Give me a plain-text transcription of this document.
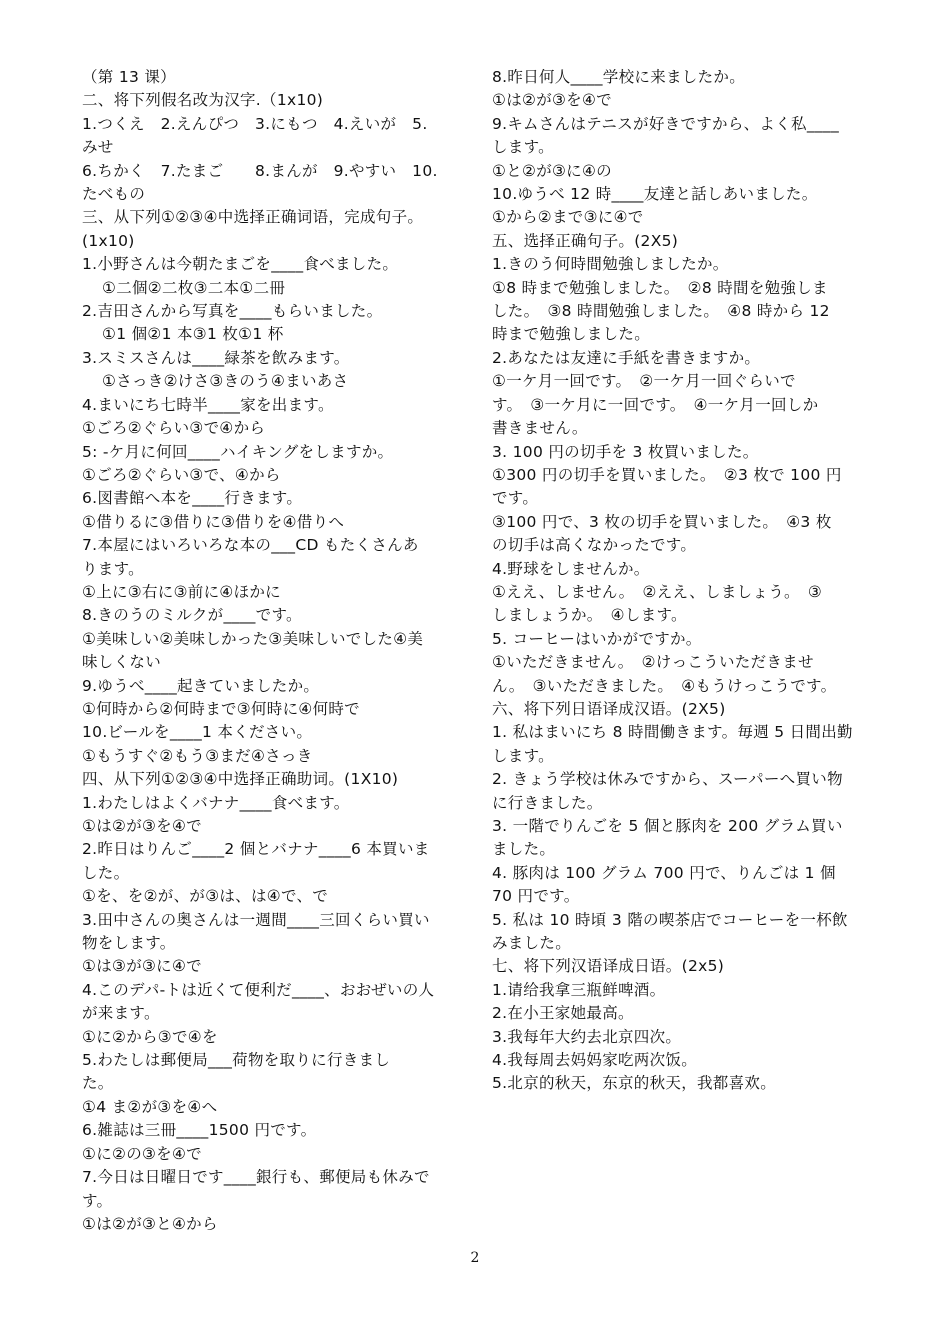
（第 13 课）
二、将下列假名改为汉字.（1x10)
1.つくえ　2.えんぴつ　3.にもつ　4.えいが　5.
みせ
6.ちかく　7.たまご　　8.まんが　9.やすい　10.
たべもの
三、从下列①②③④中选择正确词语，完成句子。
(1x10)
1.小野さんは今朝たまごを____食べました。
①二個②二枚③二本①二冊
2.吉田さんから写真を____もらいました。
①1 個②1 本③1 枚①1 杯
3.スミスさんは____緑茶を飲みます。
①さっき②けさ③きのう④まいあさ
4.まいにち七時半____家を出ます。
①ごろ②ぐらい③で④から
5: -ケ月に何回____ハイキングをしますか。
①ごろ②ぐらい③で、④から
6.図書館へ本を____行きます。
①借りるに③借りに③借りを④借りへ
7.本屋にはいろいろな本の___CD もたくさんあ
ります。
①上に③右に③前に④ほかに
8.きのうのミルクが____です。
①美味しい②美味しかった③美味しいでした④美
味しくない
9.ゆうべ____起きていましたか。
①何時から②何時まで③何時に④何時で
10.ビールを____1 本ください。
①もうすぐ②もう③まだ④さっき
四、从下列①②③④中选择正确助词。(1X10)
1.わたしはよくバナナ____食べます。
①は②が③を④で
2.昨日はりんご____2 個とバナナ____6 本買いま
した。
①を、を②が、が③は、は④で、で
3.田中さんの奥さんは一週間____三回くらい買い
物をします。
①は③が③に④で
4.このデパ-トは近くて便利だ____、おおぜいの人
が来ます。
①に②から③で④を
5.わたしは郵便局___荷物を取りに行きまし
た。
①4 ま②が③を④へ
6.雑誌は三冊____1500 円です。
①に②の③を④で
7.今日は日曜日です____銀行も、郵便局も休みで
す。
①は②が③と④から
8.昨日何人____学校に来ましたか。
①は②が③を④で
9.キムさんはテニスが好きですから、よく私____
します。
①と②が③に④の
10.ゆうべ 12 時____友達と話しあいました。
①から②まで③に④で
五、选择正确句子。(2X5)
1.きのう何時間勉強しましたか。
①8 時まで勉強しました。　②8 時間を勉強しま
した。　③8 時間勉強しました。　④8 時から 12
時まで勉強しました。
2.あなたは友達に手紙を書きますか。
①一ケ月一回です。　②一ケ月一回ぐらいで
す。　③一ケ月に一回です。　④一ケ月一回しか
書きません。
3. 100 円の切手を 3 枚買いました。
①300 円の切手を買いました。　②3 枚で 100 円
です。
③100 円で、3 枚の切手を買いました。　④3 枚
の切手は高くなかったです。
4.野球をしませんか。
①ええ、しません。　②ええ、しましょう。　③
しましょうか。　④します。
5. コーヒーはいかがですか。
①いただきません。　②けっこういただきませ
ん。　③いただきました。　④もうけっこうです。
六、将下列日语译成汉语。(2X5)
1. 私はまいにち 8 時間働きます。毎週 5 日間出勤
します。
2. きょう学校は休みですから、スーパーへ買い物
に行きました。
3. 一階でりんごを 5 個と豚肉を 200 グラム買い
ました。
4. 豚肉は 100 グラム 700 円で、りんごは 1 個
70 円です。
5. 私は 10 時頃 3 階の喫茶店でコーヒーを一杯飲
みました。
七、将下列汉语译成日语。(2x5)
1.请给我拿三瓶鲜啤酒。
2.在小王家她最高。
3.我每年大约去北京四次。
4.我每周去妈妈家吃两次饭。
5.北京的秋天，东京的秋天，我都喜欢。
2
